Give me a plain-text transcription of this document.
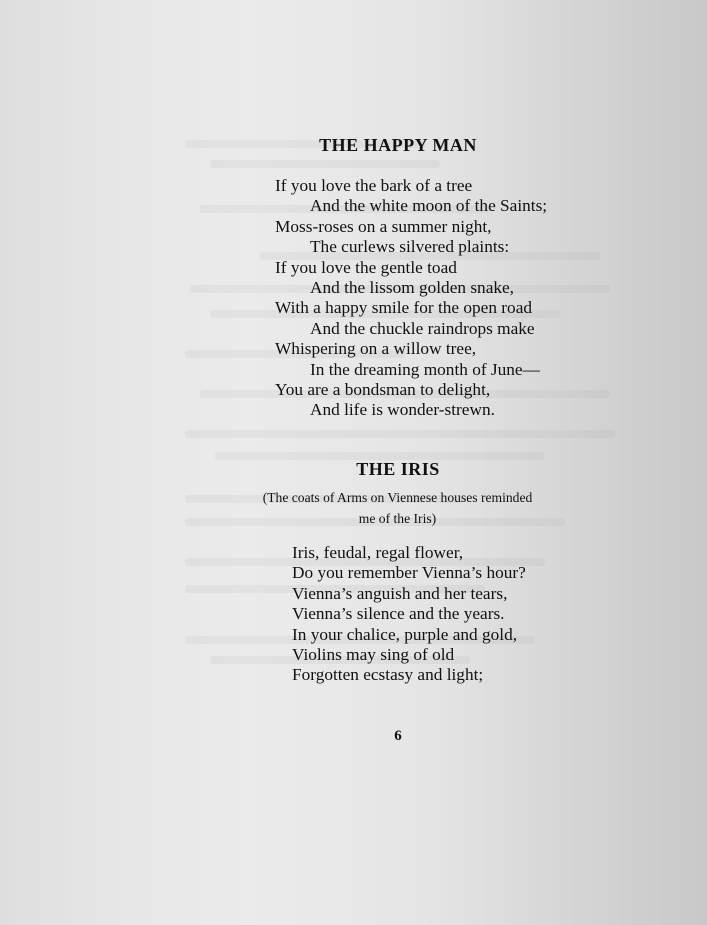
THE HAPPY MAN
If you love the bark of a tree
And the white moon of the Saints;
Moss-roses on a summer night,
The curlews silvered plaints:
If you love the gentle toad
And the lissom golden snake,
With a happy smile for the open road
And the chuckle raindrops make
Whispering on a willow tree,
In the dreaming month of June—
You are a bondsman to delight,
And life is wonder-strewn.
THE IRIS
(The coats of Arms on Viennese houses reminded
me of the Iris)
Iris, feudal, regal flower,
Do you remember Vienna’s hour?
Vienna’s anguish and her tears,
Vienna’s silence and the years.
In your chalice, purple and gold,
Violins may sing of old
Forgotten ecstasy and light;
6
